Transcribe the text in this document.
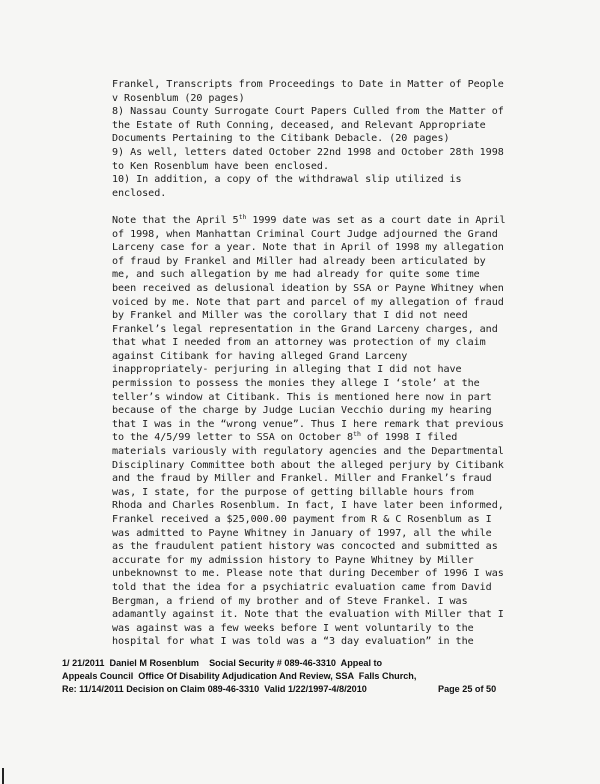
Frankel, Transcripts from Proceedings to Date in Matter of People
v Rosenblum (20 pages)
8) Nassau County Surrogate Court Papers Culled from the Matter of
the Estate of Ruth Conning, deceased, and Relevant Appropriate
Documents Pertaining to the Citibank Debacle. (20 pages)
9) As well, letters dated October 22nd 1998 and October 28th 1998
to Ken Rosenblum have been enclosed.
10) In addition, a copy of the withdrawal slip utilized is
enclosed.
Note that the April 5th 1999 date was set as a court date in April
of 1998, when Manhattan Criminal Court Judge adjourned the Grand
Larceny case for a year. Note that in April of 1998 my allegation
of fraud by Frankel and Miller had already been articulated by
me, and such allegation by me had already for quite some time
been received as delusional ideation by SSA or Payne Whitney when
voiced by me. Note that part and parcel of my allegation of fraud
by Frankel and Miller was the corollary that I did not need
Frankel’s legal representation in the Grand Larceny charges, and
that what I needed from an attorney was protection of my claim
against Citibank for having alleged Grand Larceny
inappropriately- perjuring in alleging that I did not have
permission to possess the monies they allege I ‘stole’ at the
teller’s window at Citibank. This is mentioned here now in part
because of the charge by Judge Lucian Vecchio during my hearing
that I was in the “wrong venue”. Thus I here remark that previous
to the 4/5/99 letter to SSA on October 8th of 1998 I filed
materials variously with regulatory agencies and the Departmental
Disciplinary Committee both about the alleged perjury by Citibank
and the fraud by Miller and Frankel. Miller and Frankel’s fraud
was, I state, for the purpose of getting billable hours from
Rhoda and Charles Rosenblum. In fact, I have later been informed,
Frankel received a $25,000.00 payment from R & C Rosenblum as I
was admitted to Payne Whitney in January of 1997, all the while
as the fraudulent patient history was concocted and submitted as
accurate for my admission history to Payne Whitney by Miller
unbeknownst to me. Please note that during December of 1996 I was
told that the idea for a psychiatric evaluation came from David
Bergman, a friend of my brother and of Steve Frankel. I was
adamantly against it. Note that the evaluation with Miller that I
was against was a few weeks before I went voluntarily to the
hospital for what I was told was a “3 day evaluation” in the
1/ 21/2011  Daniel M Rosenblum    Social Security # 089-46-3310  Appeal to
Appeals Council  Office Of Disability Adjudication And Review, SSA  Falls Church,
Re: 11/14/2011 Decision on Claim 089-46-3310  Valid 1/22/1997-4/8/2010	Page 25 of 50
